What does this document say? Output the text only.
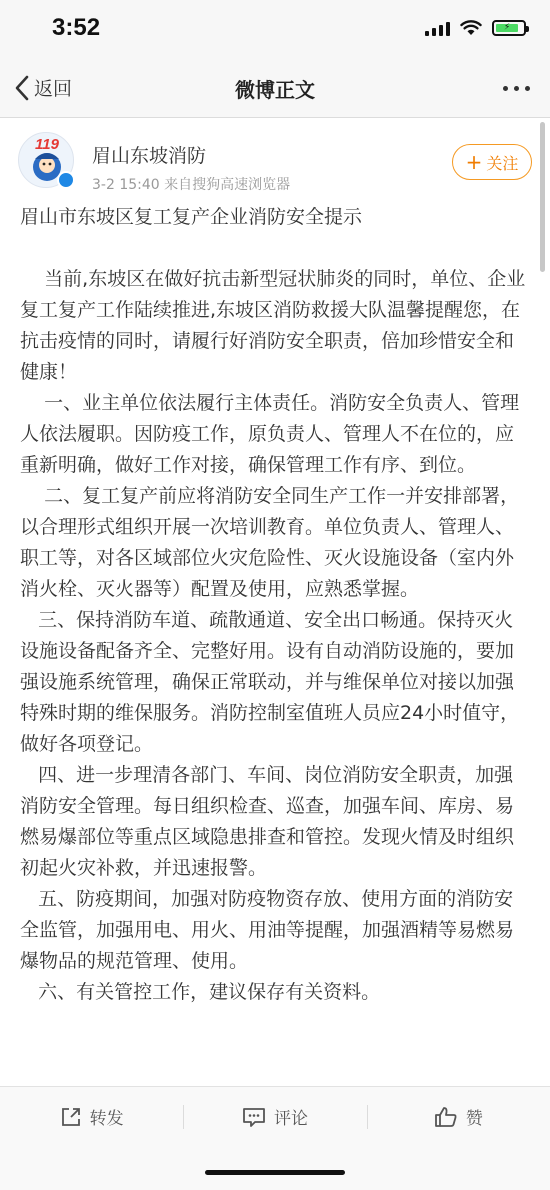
3:52	⚡
返回	微博正文
119
眉山东坡消防
3-2 15:40 来自搜狗高速浏览器
+ 关注
眉山市东坡区复工复产企业消防安全提示
当前,东坡区在做好抗击新型冠状肺炎的同时，单位、企业复工复产工作陆续推进,东坡区消防救援大队温馨提醒您，在抗击疫情的同时，请履行好消防安全职责，倍加珍惜安全和健康！
一、业主单位依法履行主体责任。消防安全负责人、管理人依法履职。因防疫工作，原负责人、管理人不在位的，应重新明确，做好工作对接，确保管理工作有序、到位。
二、复工复产前应将消防安全同生产工作一并安排部署，以合理形式组织开展一次培训教育。单位负责人、管理人、职工等，对各区域部位火灾危险性、灭火设施设备（室内外消火栓、灭火器等）配置及使用，应熟悉掌握。
三、保持消防车道、疏散通道、安全出口畅通。保持灭火设施设备配备齐全、完整好用。设有自动消防设施的，要加强设施系统管理，确保正常联动，并与维保单位对接以加强特殊时期的维保服务。消防控制室值班人员应24小时值守，做好各项登记。
四、进一步理清各部门、车间、岗位消防安全职责，加强消防安全管理。每日组织检查、巡查，加强车间、库房、易燃易爆部位等重点区域隐患排查和管控。发现火情及时组织初起火灾补救，并迅速报警。
五、防疫期间，加强对防疫物资存放、使用方面的消防安全监管，加强用电、用火、用油等提醒，加强酒精等易燃易爆物品的规范管理、使用。
六、有关管控工作，建议保存有关资料。
转发	评论	赞
